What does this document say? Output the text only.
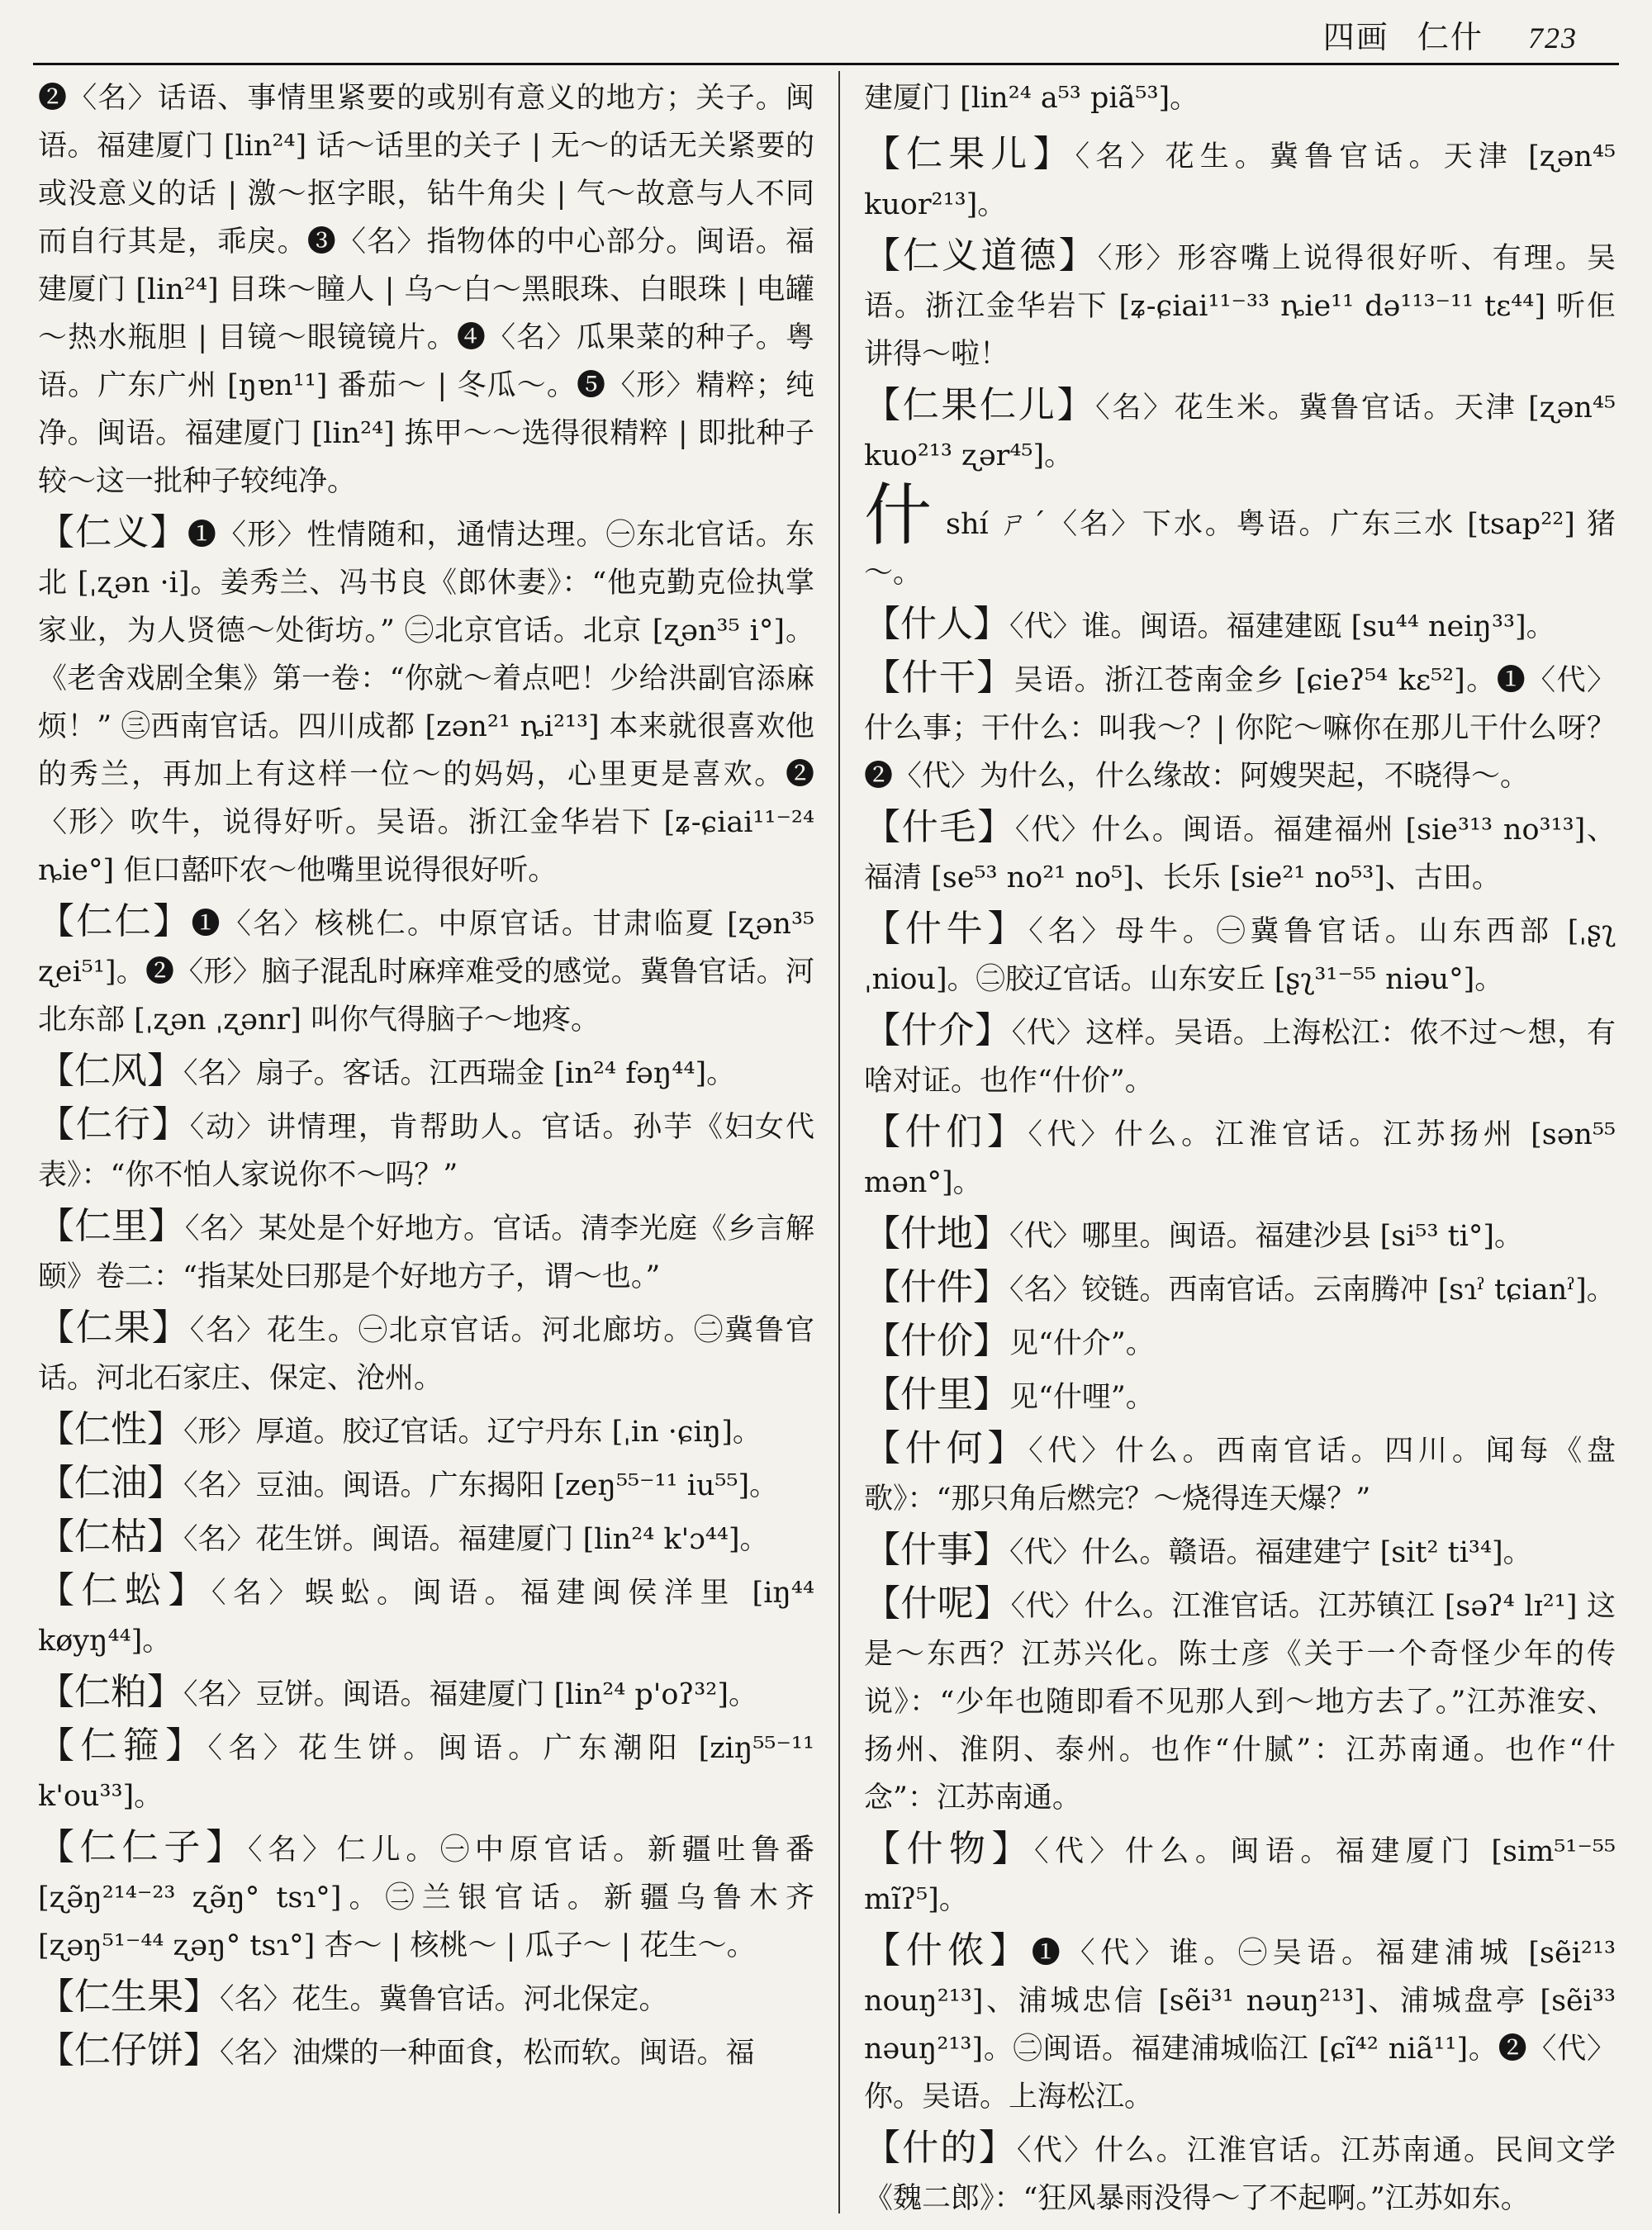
四画 仁什 723

❷〈名〉话语、事情里紧要的或别有意义的地方；关子。闽语。福建厦门 [lin²⁴] 话～话里的关子 | 无～的话无关紧要的或没意义的话 | 激～抠字眼，钻牛角尖 | 气～故意与人不同而自行其是，乖戾。❸〈名〉指物体的中心部分。闽语。福建厦门 [lin²⁴] 目珠～瞳人 | 乌～白～黑眼珠、白眼珠 | 电罐～热水瓶胆 | 目镜～眼镜镜片。❹〈名〉瓜果菜的种子。粤语。广东广州 [ŋɐn¹¹] 番茄～ | 冬瓜～。❺〈形〉精粹；纯净。闽语。福建厦门 [lin²⁴] 拣甲～～选得很精粹 | 即批种子较～这一批种子较纯净。

【仁义】❶〈形〉性情随和，通情达理。㊀东北官话。东北 [ˌʐən ·i]。姜秀兰、冯书良《郎休妻》：“他克勤克俭执掌家业，为人贤德～处街坊。” ㊁北京官话。北京 [ʐən³⁵ i°]。《老舍戏剧全集》第一卷：“你就～着点吧！少给洪副官添麻烦！” ㊂西南官话。四川成都 [zən²¹ ȵi²¹³] 本来就很喜欢他的秀兰，再加上有这样一位～的妈妈，心里更是喜欢。❷〈形〉吹牛，说得好听。吴语。浙江金华岩下 [ʑ-ɕiai¹¹⁻²⁴ ȵie°] 佢口嚭吓农～他嘴里说得很好听。

【仁仁】❶〈名〉核桃仁。中原官话。甘肃临夏 [ʐən³⁵ ʐei⁵¹]。❷〈形〉脑子混乱时麻痒难受的感觉。冀鲁官话。河北东部 [ˌʐən ˌʐənr] 叫你气得脑子～地疼。

【仁风】〈名〉扇子。客话。江西瑞金 [in²⁴ fəŋ⁴⁴]。

【仁行】〈动〉讲情理，肯帮助人。官话。孙芋《妇女代表》：“你不怕人家说你不～吗？”

【仁里】〈名〉某处是个好地方。官话。清李光庭《乡言解颐》卷二：“指某处曰那是个好地方子，谓～也。”

【仁果】〈名〉花生。㊀北京官话。河北廊坊。㊁冀鲁官话。河北石家庄、保定、沧州。

【仁性】〈形〉厚道。胶辽官话。辽宁丹东 [ˌin ·ɕiŋ]。

【仁油】〈名〉豆油。闽语。广东揭阳 [zeŋ⁵⁵⁻¹¹ iu⁵⁵]。

【仁枯】〈名〉花生饼。闽语。福建厦门 [lin²⁴ k'ɔ⁴⁴]。

【仁蚣】〈名〉蜈蚣。闽语。福建闽侯洋里 [iŋ⁴⁴ køyŋ⁴⁴]。

【仁粕】〈名〉豆饼。闽语。福建厦门 [lin²⁴ p'oʔ³²]。

【仁箍】〈名〉花生饼。闽语。广东潮阳 [ziŋ⁵⁵⁻¹¹ k'ou³³]。

【仁仁子】〈名〉仁儿。㊀中原官话。新疆吐鲁番 [ʐə̃ŋ²¹⁴⁻²³ ʐə̃ŋ° tsɿ°]。㊁兰银官话。新疆乌鲁木齐 [ʐəŋ⁵¹⁻⁴⁴ ʐəŋ° tsɿ°] 杏～ | 核桃～ | 瓜子～ | 花生～。

【仁生果】〈名〉花生。冀鲁官话。河北保定。

【仁仔饼】〈名〉油煠的一种面食，松而软。闽语。福

建厦门 [lin²⁴ a⁵³ piã⁵³]。

【仁果儿】〈名〉花生。冀鲁官话。天津 [ʐən⁴⁵ kuor²¹³]。

【仁义道德】〈形〉形容嘴上说得很好听、有理。吴语。浙江金华岩下 [ʑ-ɕiai¹¹⁻³³ ȵie¹¹ də¹¹³⁻¹¹ tɛ⁴⁴] 听佢讲得～啦！

【仁果仁儿】〈名〉花生米。冀鲁官话。天津 [ʐən⁴⁵ kuo²¹³ ʐər⁴⁵]。

什 shí ㄕˊ〈名〉下水。粤语。广东三水 [tsap²²] 猪～。

【什人】〈代〉谁。闽语。福建建瓯 [su⁴⁴ neiŋ³³]。

【什干】吴语。浙江苍南金乡 [ɕieʔ⁵⁴ kɛ⁵²]。❶〈代〉什么事；干什么：叫我～？| 你陀～嘛你在那儿干什么呀？❷〈代〉为什么，什么缘故：阿嫂哭起，不晓得～。

【什毛】〈代〉什么。闽语。福建福州 [sie³¹³ no³¹³]、福清 [se⁵³ no²¹ no⁵]、长乐 [sie²¹ no⁵³]、古田。

【什牛】〈名〉母牛。㊀冀鲁官话。山东西部 [ˌʂʅ ˌniou]。㊁胶辽官话。山东安丘 [ʂʅ³¹⁻⁵⁵ niəu°]。

【什介】〈代〉这样。吴语。上海松江：侬不过～想，有啥对证。也作“什价”。

【什们】〈代〉什么。江淮官话。江苏扬州 [sən⁵⁵ mən°]。

【什地】〈代〉哪里。闽语。福建沙县 [si⁵³ ti°]。

【什件】〈名〉铰链。西南官话。云南腾冲 [sɿˀ tɕianˀ]。

【什价】见“什介”。

【什里】见“什哩”。

【什何】〈代〉什么。西南官话。四川。闻每《盘歌》：“那只角后燃完？～烧得连天爆？”

【什事】〈代〉什么。赣语。福建建宁 [sit² ti³⁴]。

【什呢】〈代〉什么。江淮官话。江苏镇江 [səʔ⁴ lɪ²¹] 这是～东西？江苏兴化。陈士彦《关于一个奇怪少年的传说》：“少年也随即看不见那人到～地方去了。”江苏淮安、扬州、淮阴、泰州。也作“什腻”：江苏南通。也作“什念”：江苏南通。

【什物】〈代〉什么。闽语。福建厦门 [sim⁵¹⁻⁵⁵ mĩʔ⁵]。

【什侬】❶〈代〉谁。㊀吴语。福建浦城 [sẽi²¹³ nouŋ²¹³]、浦城忠信 [sẽi³¹ nəuŋ²¹³]、浦城盘亭 [sẽi³³ nəuŋ²¹³]。㊁闽语。福建浦城临江 [ɕĩ⁴² niã¹¹]。❷〈代〉你。吴语。上海松江。

【什的】〈代〉什么。江淮官话。江苏南通。民间文学《魏二郎》：“狂风暴雨没得～了不起啊。”江苏如东。
